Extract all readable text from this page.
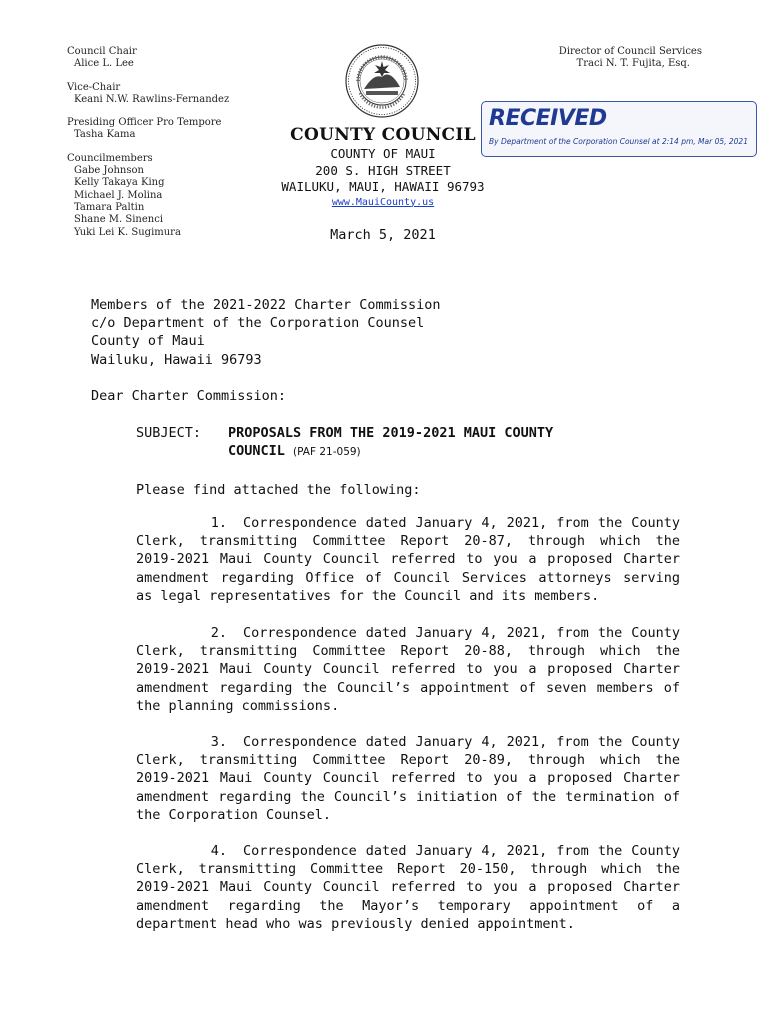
Council Chair
Alice L. Lee
Vice-Chair
Keani N.W. Rawlins-Fernandez
Presiding Officer Pro Tempore
Tasha Kama
Councilmembers
Gabe Johnson
Kelly Takaya King
Michael J. Molina
Tamara Paltin
Shane M. Sinenci
Yuki Lei K. Sugimura
Director of Council Services
Traci N. T. Fujita, Esq.
RECEIVED
By Department of the Corporation Counsel at 2:14 pm, Mar 05, 2021
COUNTY COUNCIL
COUNTY OF MAUI
200 S. HIGH STREET
WAILUKU, MAUI, HAWAII 96793
www.MauiCounty.us
March 5, 2021
Members of the 2021-2022 Charter Commission
c/o Department of the Corporation Counsel
County of Maui
Wailuku, Hawaii 96793
Dear Charter Commission:
SUBJECT: PROPOSALS FROM THE 2019-2021 MAUI COUNTY
COUNCIL (PAF 21-059)
Please find attached the following:
1. Correspondence dated January 4, 2021, from the County Clerk, transmitting Committee Report 20-87, through which the 2019-2021 Maui County Council referred to you a proposed Charter amendment regarding Office of Council Services attorneys serving as legal representatives for the Council and its members.
2. Correspondence dated January 4, 2021, from the County Clerk, transmitting Committee Report 20-88, through which the 2019-2021 Maui County Council referred to you a proposed Charter amendment regarding the Council’s appointment of seven members of the planning commissions.
3. Correspondence dated January 4, 2021, from the County Clerk, transmitting Committee Report 20-89, through which the 2019-2021 Maui County Council referred to you a proposed Charter amendment regarding the Council’s initiation of the termination of the Corporation Counsel.
4. Correspondence dated January 4, 2021, from the County Clerk, transmitting Committee Report 20-150, through which the 2019-2021 Maui County Council referred to you a proposed Charter amendment regarding the Mayor’s temporary appointment of a department head who was previously denied appointment.
